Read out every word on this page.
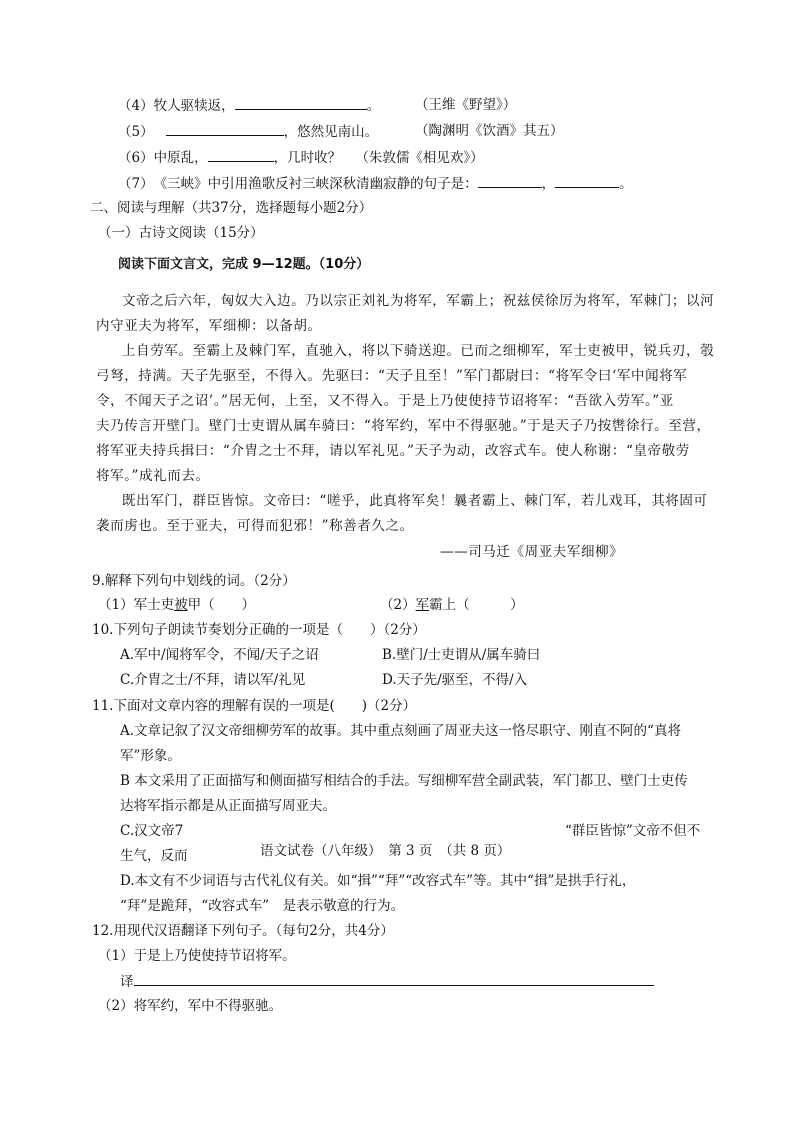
（4）牧人驱犊返，	。	（王维《野望》）
（5）	，悠然见南山。	（陶渊明《饮酒》其五）
（6）中原乱，	，几时收？ （朱敦儒《相见欢》）
（7）　《三峡》中引用渔歌反衬三峡深秋清幽寂静的句子是：	，	。
二、阅读与理解（共37分，选择题每小题2分）
（一）古诗文阅读（15分）
阅读下面文言文，完成 9—12题。（10分）
文帝之后六年，匈奴大入边。乃以宗正刘礼为将军，军霸上；祝兹侯徐厉为将军，军棘门；以河
内守亚夫为将军，军细柳：以备胡。
上自劳军。至霸上及棘门军，直驰入，将以下骑送迎。已而之细柳军，军士吏被甲，锐兵刃，彀
弓弩，持满。天子先驱至，不得入。先驱曰：“天子且至！”军门都尉曰：“将军令曰‘军中闻将军
令，不闻天子之诏’。”居无何，上至，又不得入。于是上乃使使持节诏将军：“吾欲入劳军。”亚
夫乃传言开壁门。壁门士吏谓从属车骑曰：“将军约，军中不得驱驰。”于是天子乃按辔徐行。至营，
将军亚夫持兵揖曰：“介胄之士不拜，请以军礼见。”天子为动，改容式车。使人称谢：“皇帝敬劳
将军。”成礼而去。
既出军门，群臣皆惊。文帝曰：“嗟乎，此真将军矣！曩者霸上、棘门军，若儿戏耳，其将固可
袭而虏也。至于亚夫，可得而犯邪！”称善者久之。
——司马迁《周亚夫军细柳》
9.解释下列句中划线的词。（2分）
（1）军士吏被甲（　　）	（2）军霸上（　　　）
10.下列句子朗读节奏划分正确的一项是（　　）（2分）
A.军中/闻将军令，不闻/天子之诏	B.壁门/士吏谓从/属车骑曰
C.介胄之士/不拜，请以军/礼见	D.天子先/驱至，不得/入
11.下面对文章内容的理解有误的一项是(　　)（2分）
A.文章记叙了汉文帝细柳劳军的故事。其中重点刻画了周亚夫这一恪尽职守、刚直不阿的“真将
军”形象。
B 本文采用了正面描写和侧面描写相结合的手法。写细柳军营全副武装，军门都卫、壁门士吏传
达将军指示都是从正面描写周亚夫。
C.汉文帝7	“群臣皆惊”文帝不但不
生气，反而	语文试卷（八年级）　第 3 页　（共 8 页）
D.本文有不少词语与古代礼仪有关。如“揖”“拜”“改容式车”等。其中“揖”是拱手行礼，
“拜”是跪拜，“改容式车”　是表示敬意的行为。
12.用现代汉语翻译下列句子。（每句2分，共4分）
（1）于是上乃使使持节诏将军。
译
（2）将军约，军中不得驱驰。
